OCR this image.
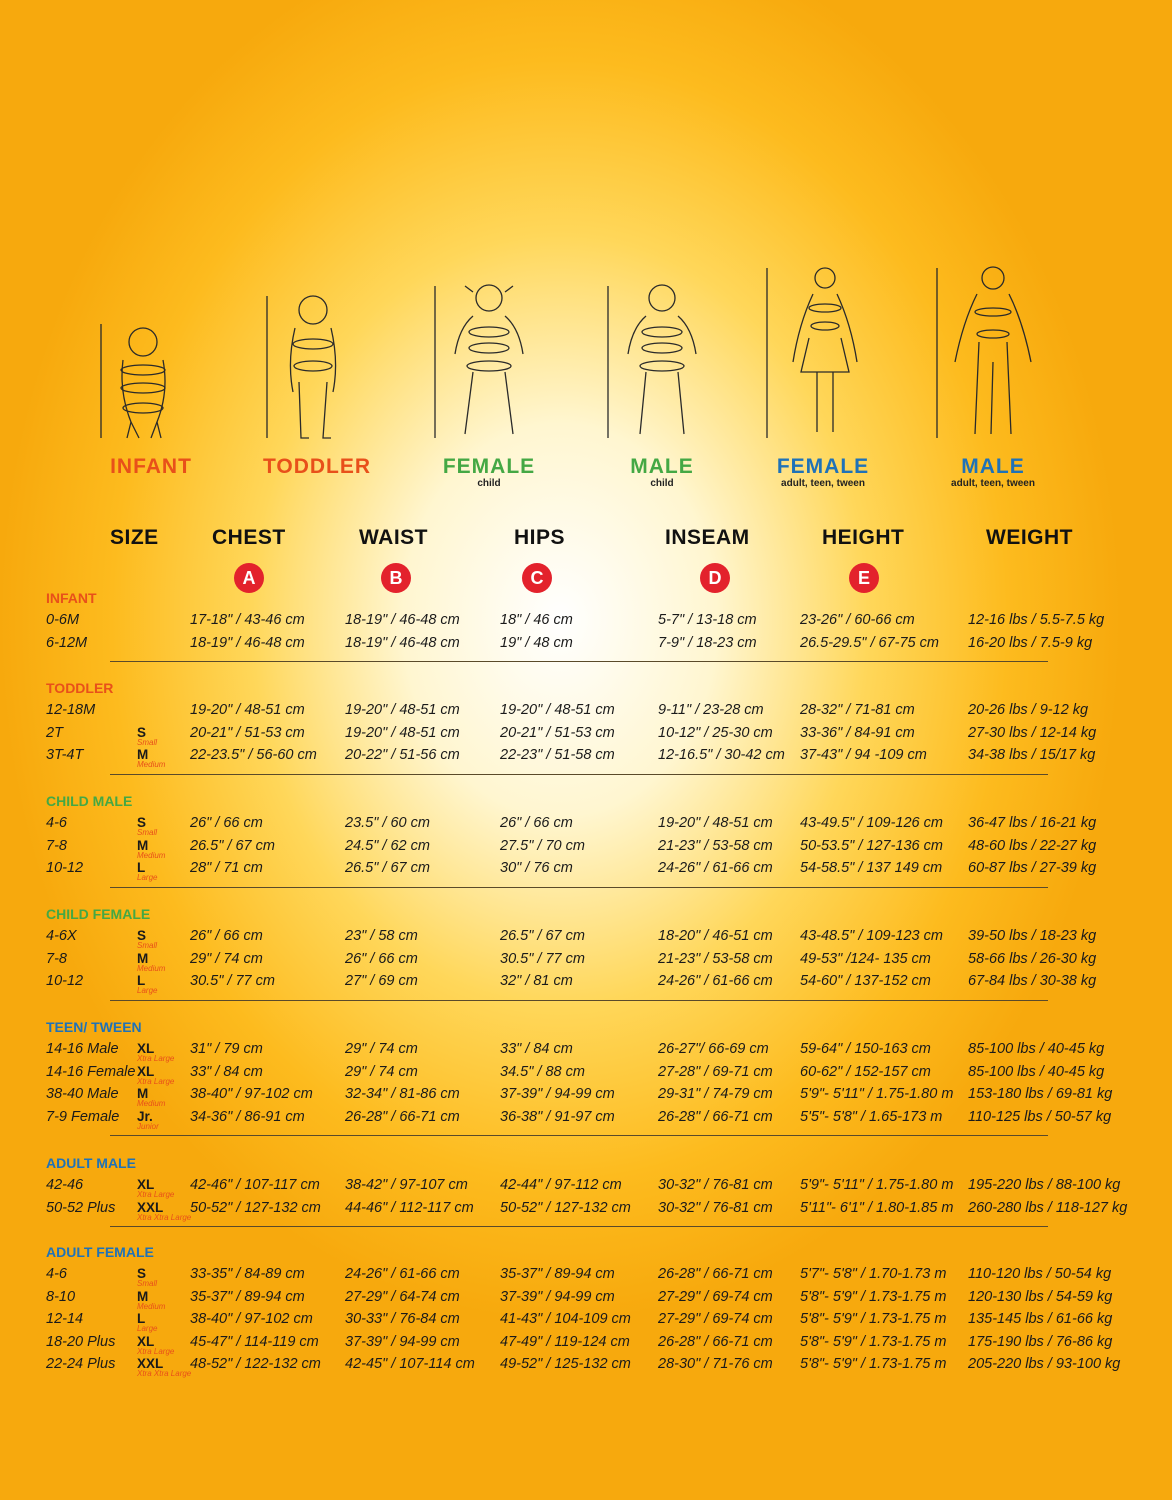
INFANT	TODDLER	FEMALE
child
MALE
child
FEMALE
adult, teen, tween
MALE
adult, teen, tween
SIZE	CHEST	WAIST	HIPS	INSEAM	HEIGHT	WEIGHT
A	B	C	D	E
INFANT
0-6M	17-18" / 43-46 cm	18-19" / 46-48 cm	18" / 46 cm	5-7" / 13-18 cm	23-26" / 60-66 cm	12-16 lbs / 5.5-7.5 kg
6-12M	18-19" / 46-48 cm	18-19" / 46-48 cm	19" / 48 cm	7-9" / 18-23 cm	26.5-29.5" / 67-75 cm 16-20 lbs / 7.5-9 kg
TODDLER
12-18M	19-20" / 48-51 cm	19-20" / 48-51 cm	19-20" / 48-51 cm	9-11" / 23-28 cm	28-32" / 71-81 cm	20-26 lbs / 9-12 kg
2T	S
Small
20-21" / 51-53 cm	19-20" / 48-51 cm	20-21" / 51-53 cm	10-12" / 25-30 cm 33-36" / 84-91 cm	27-30 lbs / 12-14 kg
3T-4T	M
Medium
22-23.5" / 56-60 cm 20-22" / 51-56 cm	22-23" / 51-58 cm	12-16.5" / 30-42 cm 37-43" / 94 -109 cm	34-38 lbs / 15/17 kg
CHILD MALE
4-6	S
Small
26" / 66 cm	23.5" / 60 cm	26" / 66 cm	19-20" / 48-51 cm 43-49.5" / 109-126 cm 36-47 lbs / 16-21 kg
7-8	M
Medium
26.5" / 67 cm	24.5" / 62 cm	27.5" / 70 cm	21-23" / 53-58 cm 50-53.5" / 127-136 cm 48-60 lbs / 22-27 kg
10-12	L
Large
28" / 71 cm	26.5" / 67 cm	30" / 76 cm	24-26" / 61-66 cm 54-58.5" / 137 149 cm 60-87 lbs / 27-39 kg
CHILD FEMALE
4-6X	S
Small
26" / 66 cm	23" / 58 cm	26.5" / 67 cm	18-20" / 46-51 cm 43-48.5" / 109-123 cm 39-50 lbs / 18-23 kg
7-8	M
Medium
29" / 74 cm	26" / 66 cm	30.5" / 77 cm	21-23" / 53-58 cm 49-53" /124- 135 cm	58-66 lbs / 26-30 kg
10-12	L
Large
30.5" / 77 cm	27" / 69 cm	32" / 81 cm	24-26" / 61-66 cm 54-60" / 137-152 cm	67-84 lbs / 30-38 kg
TEEN/ TWEEN
14-16 Male XL
Xtra Large
31" / 79 cm	29" / 74 cm	33" / 84 cm	26-27"/ 66-69 cm 59-64" / 150-163 cm	85-100 lbs / 40-45 kg
14-16 Female XL
Xtra Large
33" / 84 cm	29" / 74 cm	34.5" / 88 cm	27-28" / 69-71 cm 60-62" / 152-157 cm	85-100 lbs / 40-45 kg
38-40 Male M
Medium
38-40" / 97-102 cm 32-34" / 81-86 cm	37-39" / 94-99 cm	29-31" / 74-79 cm 5'9"- 5'11" / 1.75-1.80 m 153-180 lbs / 69-81 kg
7-9 Female Jr.
Junior
34-36" / 86-91 cm	26-28" / 66-71 cm	36-38" / 91-97 cm	26-28" / 66-71 cm 5'5"- 5'8" / 1.65-173 m 110-125 lbs / 50-57 kg
ADULT MALE
42-46	XL
Xtra Large
42-46" / 107-117 cm 38-42" / 97-107 cm 42-44" / 97-112 cm	30-32" / 76-81 cm 5'9"- 5'11" / 1.75-1.80 m 195-220 lbs / 88-100 kg
50-52 Plus XXL
Xtra Xtra Large
50-52" / 127-132 cm 44-46" / 112-117 cm 50-52" / 127-132 cm 30-32" / 76-81 cm 5'11"- 6'1" / 1.80-1.85 m 260-280 lbs / 118-127 kg
ADULT FEMALE
4-6	S
Small
33-35" / 84-89 cm	24-26" / 61-66 cm	35-37" / 89-94 cm	26-28" / 66-71 cm 5'7"- 5'8" / 1.70-1.73 m 110-120 lbs / 50-54 kg
8-10	M
Medium
35-37" / 89-94 cm	27-29" / 64-74 cm	37-39" / 94-99 cm	27-29" / 69-74 cm 5'8"- 5'9" / 1.73-1.75 m 120-130 lbs / 54-59 kg
12-14	L
Large
38-40" / 97-102 cm 30-33" / 76-84 cm	41-43" / 104-109 cm 27-29" / 69-74 cm 5'8"- 5'9" / 1.73-1.75 m 135-145 lbs / 61-66 kg
18-20 Plus XL
Xtra Large
45-47" / 114-119 cm 37-39" / 94-99 cm	47-49" / 119-124 cm 26-28" / 66-71 cm 5'8"- 5'9" / 1.73-1.75 m 175-190 lbs / 76-86 kg
22-24 Plus XXL
Xtra Xtra Large
48-52" / 122-132 cm 42-45" / 107-114 cm 49-52" / 125-132 cm 28-30" / 71-76 cm 5'8"- 5'9" / 1.73-1.75 m 205-220 lbs / 93-100 kg
